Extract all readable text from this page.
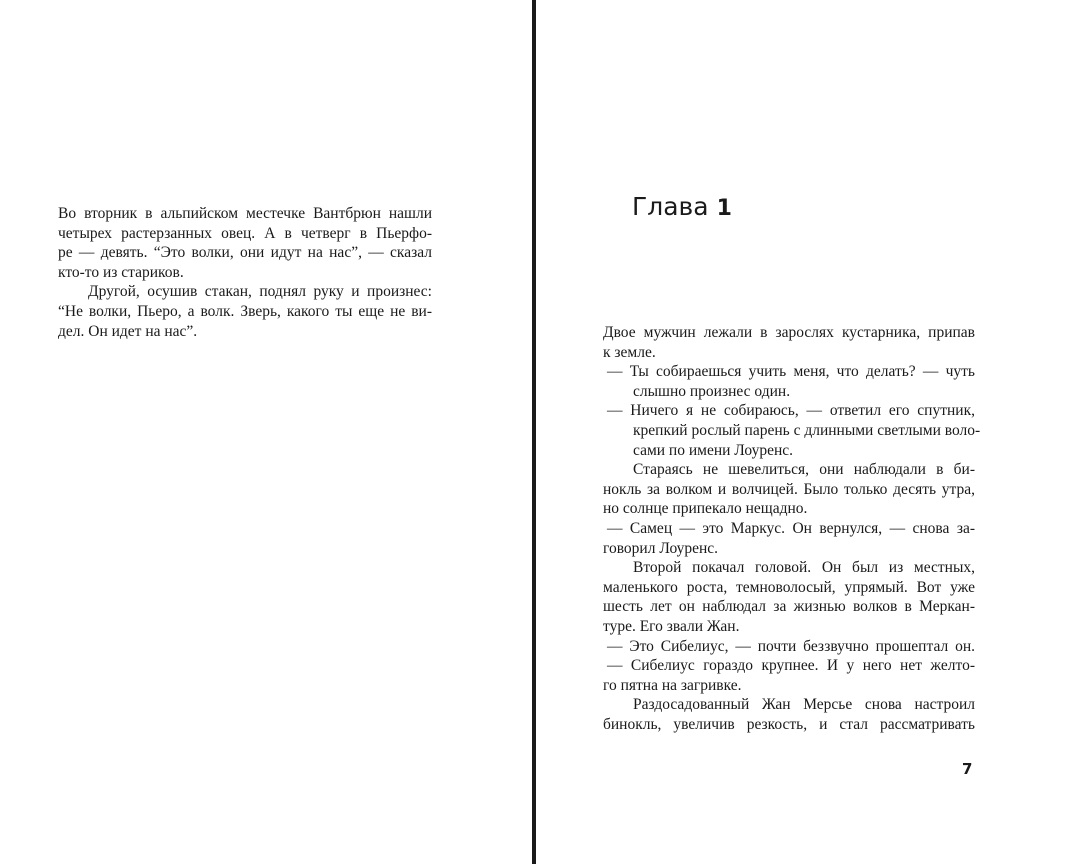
Во вторник в альпийском местечке Вантбрюн нашли
четырех растерзанных овец. А в четверг в Пьерфо-
ре — девять. “Это волки, они идут на нас”, — сказал
кто-то из стариков.
Другой, осушив стакан, поднял руку и произнес:
“Не волки, Пьеро, а волк. Зверь, какого ты еще не ви-
дел. Он идет на нас”.
Глава 1
Двое мужчин лежали в зарослях кустарника, припав
к земле.
— Ты собираешься учить меня, что делать? — чуть
слышно произнес один.
— Ничего я не собираюсь, — ответил его спутник,
крепкий рослый парень с длинными светлыми воло-
сами по имени Лоуренс.
Стараясь не шевелиться, они наблюдали в би-
нокль за волком и волчицей. Было только десять утра,
но солнце припекало нещадно.
— Самец — это Маркус. Он вернулся, — снова за-
говорил Лоуренс.
Второй покачал головой. Он был из местных,
маленького роста, темноволосый, упрямый. Вот уже
шесть лет он наблюдал за жизнью волков в Меркан-
туре. Его звали Жан.
— Это Сибелиус, — почти беззвучно прошептал он.
— Сибелиус гораздо крупнее. И у него нет желто-
го пятна на загривке.
Раздосадованный Жан Мерсье снова настроил
бинокль, увеличив резкость, и стал рассматривать
7
